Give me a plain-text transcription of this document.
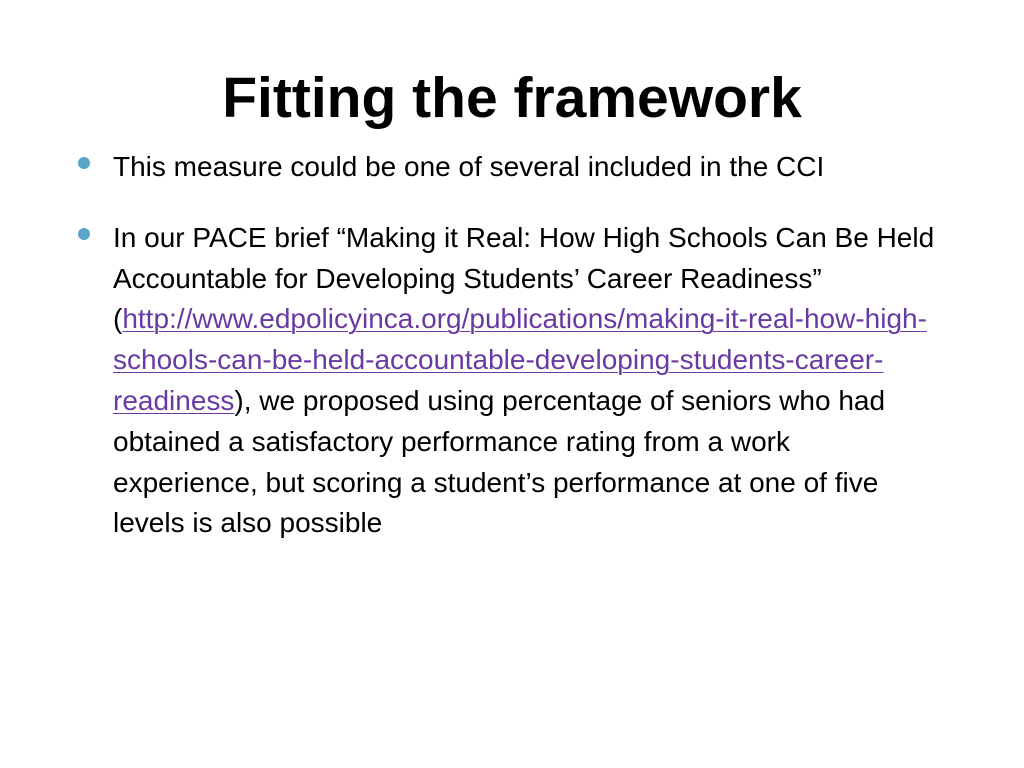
Fitting the framework
This measure could be one of several included in the CCI
In our PACE brief “Making it Real: How High Schools Can Be Held Accountable for Developing Students’ Career Readiness” (http://www.edpolicyinca.org/publications/making-it-real-how-high-schools-can-be-held-accountable-developing-students-career-readiness), we proposed using percentage of seniors who had obtained a satisfactory performance rating from a work experience, but scoring a student’s performance at one of five levels is also possible
